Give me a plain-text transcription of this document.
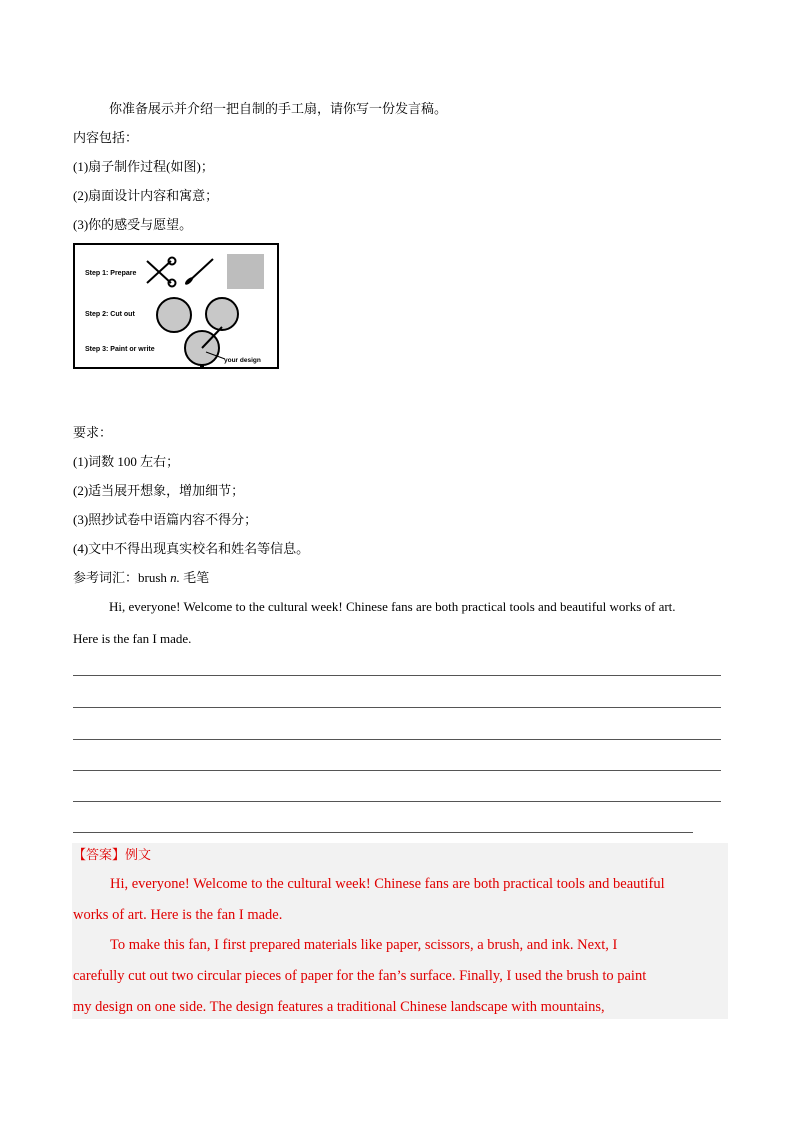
你准备展示并介绍一把自制的手工扇，请你写一份发言稿。
内容包括：
(1)扇子制作过程(如图)；
(2)扇面设计内容和寓意；
(3)你的感受与愿望。
Step 1: Prepare
Step 2: Cut out
Step 3: Paint or write
your design
要求：
(1)词数 100 左右；
(2)适当展开想象，增加细节；
(3)照抄试卷中语篇内容不得分；
(4)文中不得出现真实校名和姓名等信息。
参考词汇：brush n. 毛笔
Hi, everyone! Welcome to the cultural week! Chinese fans are both practical tools and beautiful works of art.
Here is the fan I made.
【答案】例文
Hi, everyone! Welcome to the cultural week! Chinese fans are both practical tools and beautiful
works of art. Here is the fan I made.
To make this fan, I first prepared materials like paper, scissors, a brush, and ink. Next, I
carefully cut out two circular pieces of paper for the fan’s surface. Finally, I used the brush to paint
my design on one side. The design features a traditional Chinese landscape with mountains,
